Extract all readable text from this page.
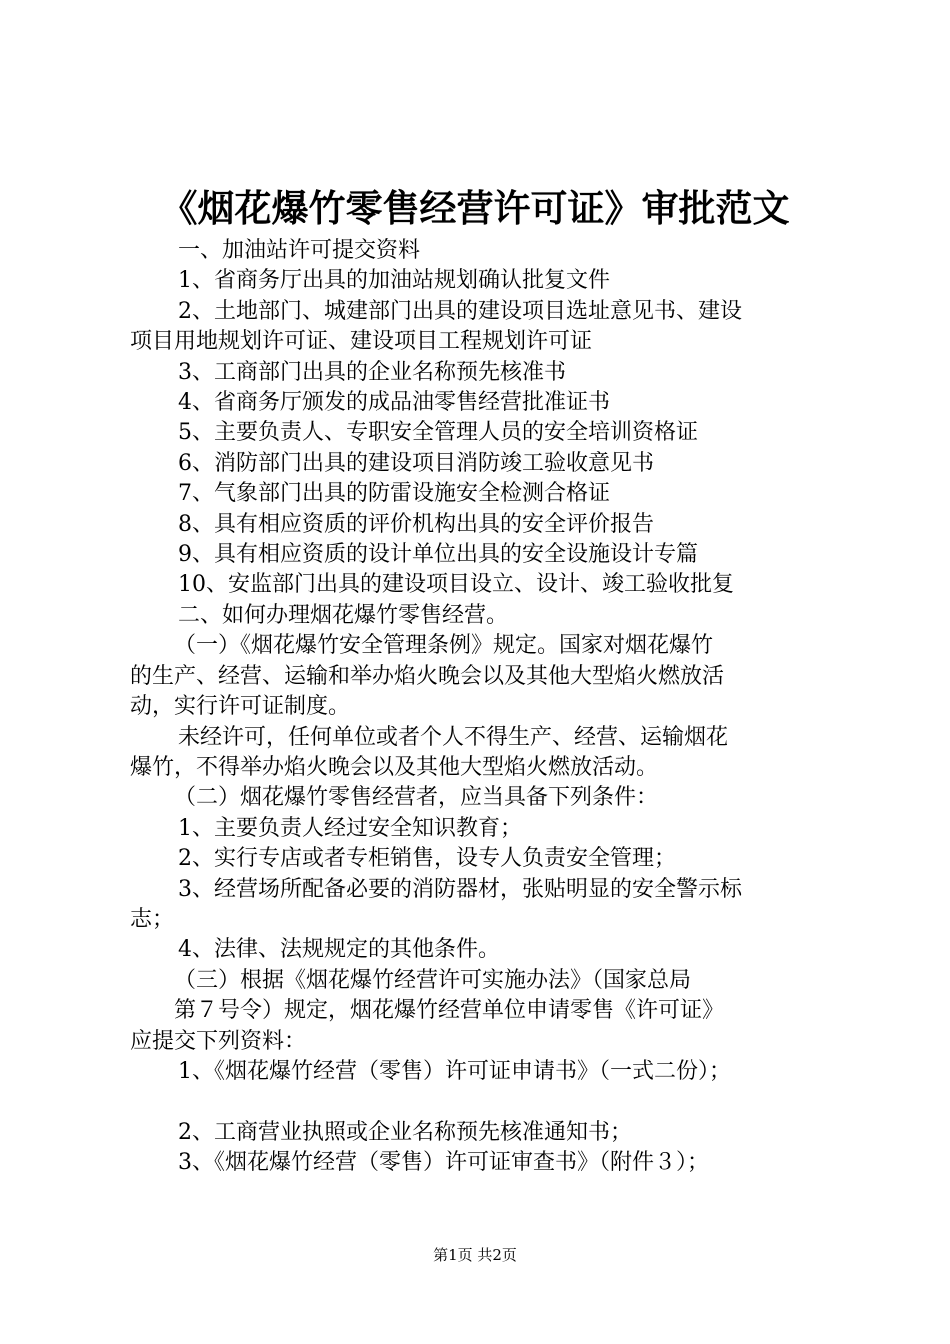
《烟花爆竹零售经营许可证》审批范文

一、加油站许可提交资料

1、省商务厅出具的加油站规划确认批复文件

2、土地部门、城建部门出具的建设项目选址意见书、建设

项目用地规划许可证、建设项目工程规划许可证

3、工商部门出具的企业名称预先核准书

4、省商务厅颁发的成品油零售经营批准证书

5、主要负责人、专职安全管理人员的安全培训资格证

6、消防部门出具的建设项目消防竣工验收意见书

7、气象部门出具的防雷设施安全检测合格证

8、具有相应资质的评价机构出具的安全评价报告

9、具有相应资质的设计单位出具的安全设施设计专篇

10、安监部门出具的建设项目设立、设计、竣工验收批复

二、如何办理烟花爆竹零售经营。

（一）《烟花爆竹安全管理条例》规定。国家对烟花爆竹

的生产、经营、运输和举办焰火晚会以及其他大型焰火燃放活

动，实行许可证制度。

未经许可，任何单位或者个人不得生产、经营、运输烟花

爆竹，不得举办焰火晚会以及其他大型焰火燃放活动。

（二）烟花爆竹零售经营者，应当具备下列条件：

1、主要负责人经过安全知识教育；

2、实行专店或者专柜销售，设专人负责安全管理；

3、经营场所配备必要的消防器材，张贴明显的安全警示标

志；

4、法律、法规规定的其他条件。

（三）根据《烟花爆竹经营许可实施办法》（国家总局

第７号令）规定，烟花爆竹经营单位申请零售《许可证》

应提交下列资料：

1、《烟花爆竹经营（零售）许可证申请书》（一式二份）；

2、工商营业执照或企业名称预先核准通知书；

3、《烟花爆竹经营（零售）许可证审查书》（附件３）；

第1页 共2页
